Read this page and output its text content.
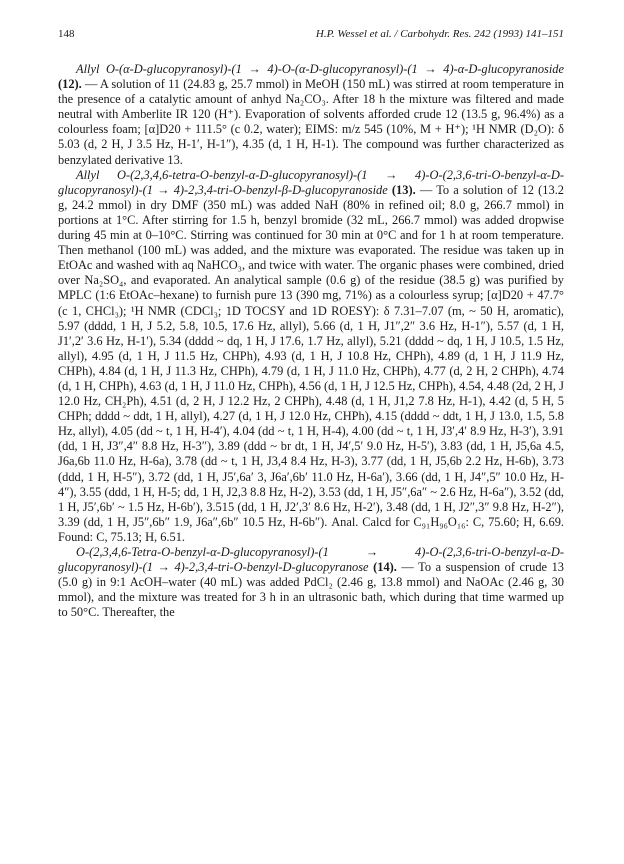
148	H.P. Wessel et al. / Carbohydr. Res. 242 (1993) 141–151

Allyl O-(α-D-glucopyranosyl)-(1 → 4)-O-(α-D-glucopyranosyl)-(1 → 4)-α-D-glucopyranoside (12). — A solution of 11 (24.83 g, 25.7 mmol) in MeOH (150 mL) was stirred at room temperature in the presence of a catalytic amount of anhyd Na₂CO₃. After 18 h the mixture was filtered and made neutral with Amberlite IR 120 (H⁺). Evaporation of solvents afforded crude 12 (13.5 g, 96.4%) as a colourless foam; [α]D20 + 111.5° (c 0.2, water); EIMS: m/z 545 (10%, M + H⁺); ¹H NMR (D₂O): δ 5.03 (d, 2 H, J 3.5 Hz, H-1′, H-1″), 4.35 (d, 1 H, H-1). The compound was further characterized as benzylated derivative 13.

Allyl O-(2,3,4,6-tetra-O-benzyl-α-D-glucopyranosyl)-(1 → 4)-O-(2,3,6-tri-O-benzyl-α-D-glucopyranosyl)-(1 → 4)-2,3,4-tri-O-benzyl-β-D-glucopyranoside (13). — To a solution of 12 (13.2 g, 24.2 mmol) in dry DMF (350 mL) was added NaH (80% in refined oil; 8.0 g, 266.7 mmol) in portions at 1°C. After stirring for 1.5 h, benzyl bromide (32 mL, 266.7 mmol) was added dropwise during 45 min at 0–10°C. Stirring was continued for 30 min at 0°C and for 1 h at room temperature. Then methanol (100 mL) was added, and the mixture was evaporated. The residue was taken up in EtOAc and washed with aq NaHCO₃, and twice with water. The organic phases were combined, dried over Na₂SO₄, and evaporated. An analytical sample (0.6 g) of the residue (38.5 g) was purified by MPLC (1:6 EtOAc–hexane) to furnish pure 13 (390 mg, 71%) as a colourless syrup; [α]D20 + 47.7° (c 1, CHCl₃); ¹H NMR (CDCl₃; 1D TOCSY and 1D ROESY): δ 7.31–7.07 (m, ~ 50 H, aromatic), 5.97 (dddd, 1 H, J 5.2, 5.8, 10.5, 17.6 Hz, allyl), 5.66 (d, 1 H, J1″,2″ 3.6 Hz, H-1″), 5.57 (d, 1 H, J1′,2′ 3.6 Hz, H-1′), 5.34 (dddd ~ dq, 1 H, J 17.6, 1.7 Hz, allyl), 5.21 (dddd ~ dq, 1 H, J 10.5, 1.5 Hz, allyl), 4.95 (d, 1 H, J 11.5 Hz, CHPh), 4.93 (d, 1 H, J 10.8 Hz, CHPh), 4.89 (d, 1 H, J 11.9 Hz, CHPh), 4.84 (d, 1 H, J 11.3 Hz, CHPh), 4.79 (d, 1 H, J 11.0 Hz, CHPh), 4.77 (d, 2 H, 2 CHPh), 4.74 (d, 1 H, CHPh), 4.63 (d, 1 H, J 11.0 Hz, CHPh), 4.56 (d, 1 H, J 12.5 Hz, CHPh), 4.54, 4.48 (2d, 2 H, J 12.0 Hz, CH₂Ph), 4.51 (d, 2 H, J 12.2 Hz, 2 CHPh), 4.48 (d, 1 H, J1,2 7.8 Hz, H-1), 4.42 (d, 5 H, 5 CHPh; dddd ~ ddt, 1 H, allyl), 4.27 (d, 1 H, J 12.0 Hz, CHPh), 4.15 (dddd ~ ddt, 1 H, J 13.0, 1.5, 5.8 Hz, allyl), 4.05 (dd ~ t, 1 H, H-4′), 4.04 (dd ~ t, 1 H, H-4), 4.00 (dd ~ t, 1 H, J3′,4′ 8.9 Hz, H-3′), 3.91 (dd, 1 H, J3″,4″ 8.8 Hz, H-3″), 3.89 (ddd ~ br dt, 1 H, J4′,5′ 9.0 Hz, H-5′), 3.83 (dd, 1 H, J5,6a 4.5, J6a,6b 11.0 Hz, H-6a), 3.78 (dd ~ t, 1 H, J3,4 8.4 Hz, H-3), 3.77 (dd, 1 H, J5,6b 2.2 Hz, H-6b), 3.73 (ddd, 1 H, H-5″), 3.72 (dd, 1 H, J5′,6a′ 3, J6a′,6b′ 11.0 Hz, H-6a′), 3.66 (dd, 1 H, J4″,5″ 10.0 Hz, H-4″), 3.55 (ddd, 1 H, H-5; dd, 1 H, J2,3 8.8 Hz, H-2), 3.53 (dd, 1 H, J5″,6a″ ~ 2.6 Hz, H-6a″), 3.52 (dd, 1 H, J5′,6b′ ~ 1.5 Hz, H-6b′), 3.515 (dd, 1 H, J2′,3′ 8.6 Hz, H-2′), 3.48 (dd, 1 H, J2″,3″ 9.8 Hz, H-2″), 3.39 (dd, 1 H, J5″,6b″ 1.9, J6a″,6b″ 10.5 Hz, H-6b″). Anal. Calcd for C₉₁H₉₆O₁₆: C, 75.60; H, 6.69. Found: C, 75.13; H, 6.51.

O-(2,3,4,6-Tetra-O-benzyl-α-D-glucopyranosyl)-(1 → 4)-O-(2,3,6-tri-O-benzyl-α-D-glucopyranosyl)-(1 → 4)-2,3,4-tri-O-benzyl-D-glucopyranose (14). — To a suspension of crude 13 (5.0 g) in 9:1 AcOH–water (40 mL) was added PdCl₂ (2.46 g, 13.8 mmol) and NaOAc (2.46 g, 30 mmol), and the mixture was treated for 3 h in an ultrasonic bath, which during that time warmed up to 50°C. Thereafter, the
